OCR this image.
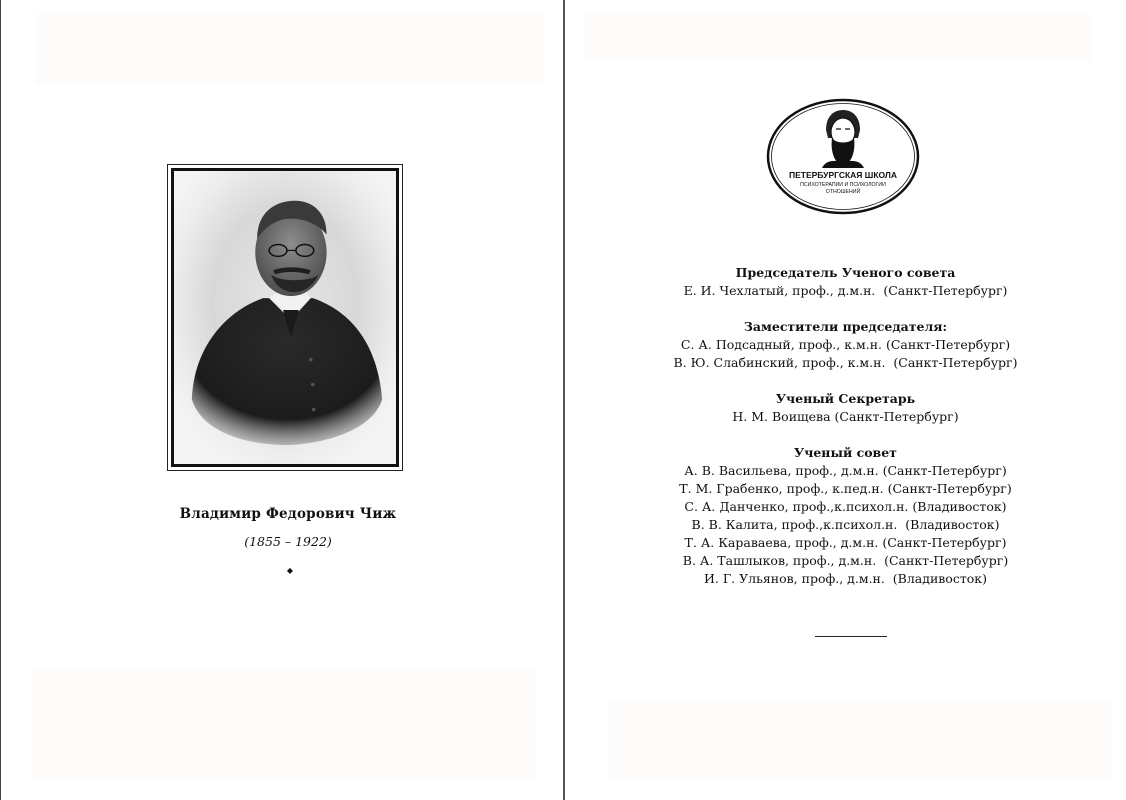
Владимир Федорович Чиж
(1855 – 1922)
◆
ПЕТЕРБУРГСКАЯ ШКОЛА
ПСИХОТЕРАПИИ И ПСИХОЛОГИИ
ОТНОШЕНИЙ
Председатель Ученого совета
Е. И. Чехлатый, проф., д.м.н.  (Санкт-Петербург)
Заместители председателя:
С. А. Подсадный, проф., к.м.н. (Санкт-Петербург)
В. Ю. Слабинский, проф., к.м.н.  (Санкт-Петербург)
Ученый Секретарь
Н. М. Воищева (Санкт-Петербург)
Ученый совет
А. В. Васильева, проф., д.м.н. (Санкт-Петербург)
Т. М. Грабенко, проф., к.пед.н. (Санкт-Петербург)
С. А. Данченко, проф.,к.психол.н. (Владивосток)
В. В. Калита, проф.,к.психол.н.  (Владивосток)
Т. А. Караваева, проф., д.м.н. (Санкт-Петербург)
В. А. Ташлыков, проф., д.м.н.  (Санкт-Петербург)
И. Г. Ульянов, проф., д.м.н.  (Владивосток)
